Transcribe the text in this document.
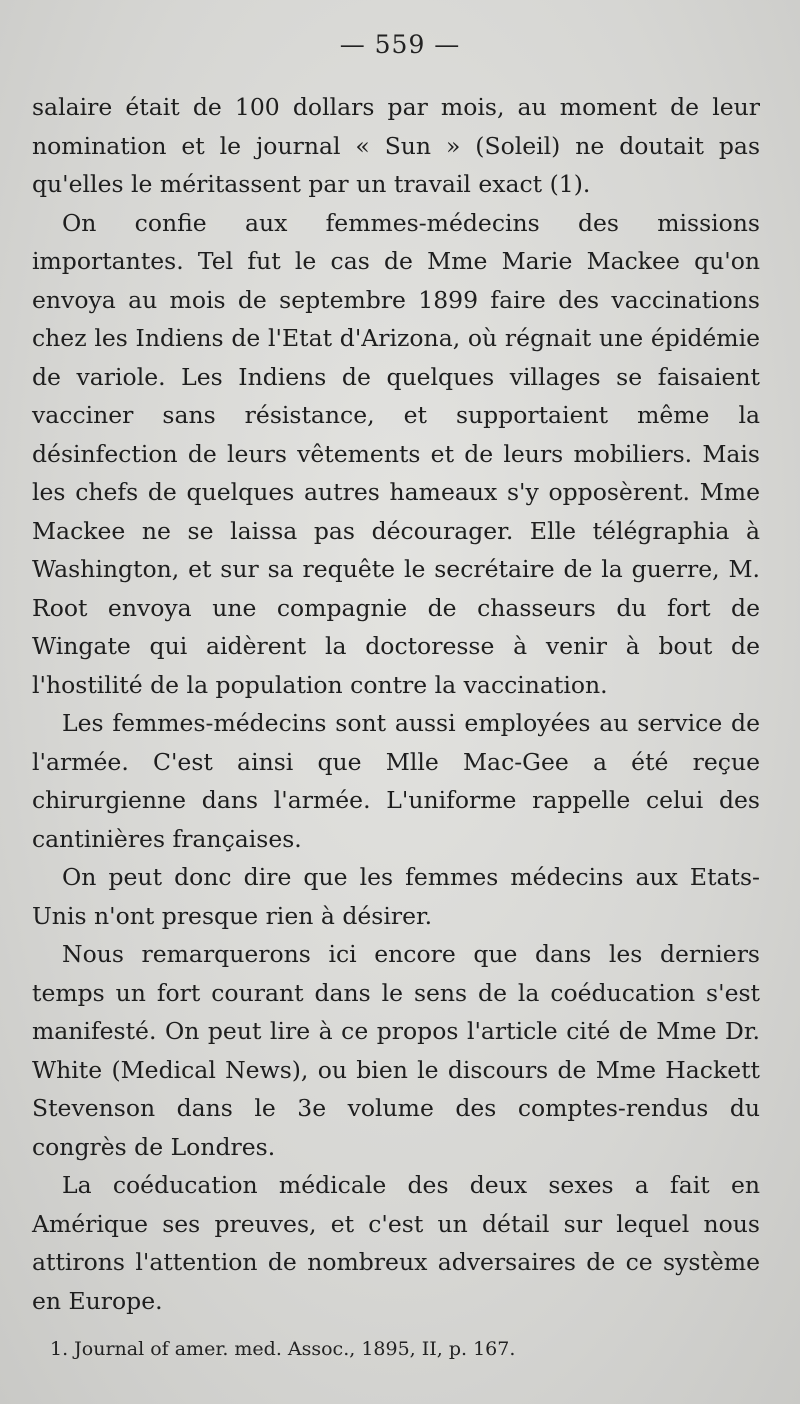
— 559 —

salaire était de 100 dollars par mois, au moment de leur nomination et le journal « Sun » (Soleil) ne doutait pas qu'elles le méritassent par un travail exact (1).

On confie aux femmes-médecins des missions importantes. Tel fut le cas de Mme Marie Mackee qu'on envoya au mois de septembre 1899 faire des vaccinations chez les Indiens de l'Etat d'Arizona, où régnait une épidémie de variole. Les Indiens de quelques villages se faisaient vacciner sans résistance, et supportaient même la désinfection de leurs vêtements et de leurs mobiliers. Mais les chefs de quelques autres hameaux s'y opposèrent. Mme Mackee ne se laissa pas décourager. Elle télégraphia à Washington, et sur sa requête le secrétaire de la guerre, M. Root envoya une compagnie de chasseurs du fort de Wingate qui aidèrent la doctoresse à venir à bout de l'hostilité de la population contre la vaccination.

Les femmes-médecins sont aussi employées au service de l'armée. C'est ainsi que Mlle Mac-Gee a été reçue chirurgienne dans l'armée. L'uniforme rappelle celui des cantinières françaises.

On peut donc dire que les femmes médecins aux Etats-Unis n'ont presque rien à désirer.

Nous remarquerons ici encore que dans les derniers temps un fort courant dans le sens de la coéducation s'est manifesté. On peut lire à ce propos l'article cité de Mme Dr. White (Medical News), ou bien le discours de Mme Hackett Stevenson dans le 3e volume des comptes-rendus du congrès de Londres.

La coéducation médicale des deux sexes a fait en Amérique ses preuves, et c'est un détail sur lequel nous attirons l'attention de nombreux adversaires de ce système en Europe.

1. Journal of amer. med. Assoc., 1895, II, p. 167.
